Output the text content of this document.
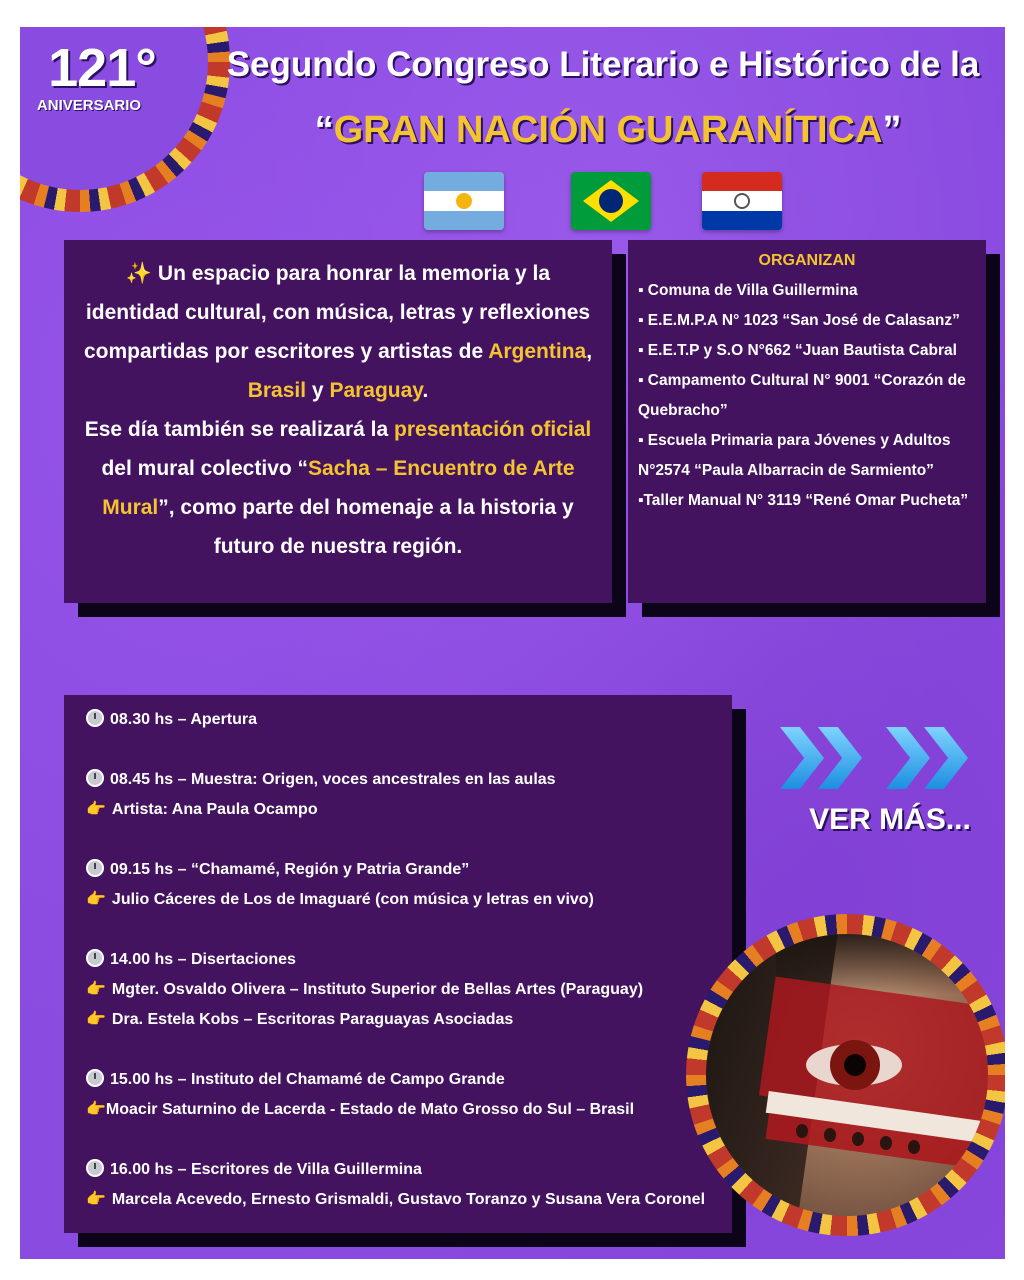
121°
ANIVERSARIO
Segundo Congreso Literario e Histórico de la
“GRAN NACIÓN GUARANÍTICA”

✨ Un espacio para honrar la memoria y la identidad cultural, con música, letras y reflexiones compartidas por escritores y artistas de Argentina, Brasil y Paraguay.

Ese día también se realizará la presentación oficial del mural colectivo “Sacha – Encuentro de Arte Mural”, como parte del homenaje a la historia y futuro de nuestra región.

ORGANIZAN
▪ Comuna de Villa Guillermina
▪ E.E.M.P.A N° 1023 “San José de Calasanz”
▪ E.E.T.P y S.O N°662 “Juan Bautista Cabral
▪ Campamento Cultural N° 9001 “Corazón de Quebracho”
▪ Escuela Primaria para Jóvenes y Adultos N°2574 “Paula Albarracin de Sarmiento”
▪Taller Manual N° 3119 “René Omar Pucheta”
08.30 hs – Apertura
08.45 hs – Muestra: Origen, voces ancestrales en las aulas
👉 Artista: Ana Paula Ocampo
09.15 hs – “Chamamé, Región y Patria Grande”
👉 Julio Cáceres de Los de Imaguaré (con música y letras en vivo)
14.00 hs – Disertaciones
👉 Mgter. Osvaldo Olivera – Instituto Superior de Bellas Artes (Paraguay)
👉 Dra. Estela Kobs – Escritoras Paraguayas Asociadas
15.00 hs – Instituto del Chamamé de Campo Grande
👉Moacir Saturnino de Lacerda - Estado de Mato Grosso do Sul – Brasil
16.00 hs – Escritores de Villa Guillermina
👉 Marcela Acevedo, Ernesto Grismaldi, Gustavo Toranzo y Susana Vera Coronel
VER MÁS...
